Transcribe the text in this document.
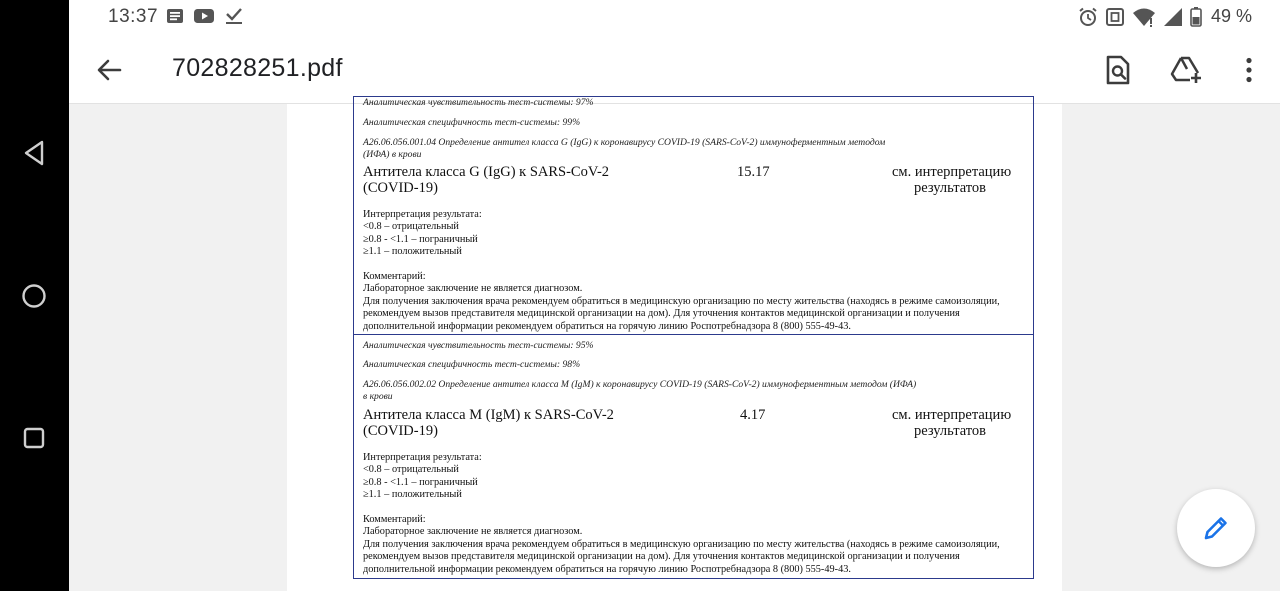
13:37	49 %
702828251.pdf
Аналитическая чувствительность тест-системы: 97%
Аналитическая специфичность тест-системы: 99%
А26.06.056.001.04 Определение антител класса G (IgG) к коронавирусу COVID-19 (SARS-CoV-2) иммуноферментным методом
(ИФА) в крови
Антитела класса G (IgG) к SARS-CoV-2
(COVID-19)
15.17	см. интерпретацию
результатов
Интерпретация результата:
<0.8 – отрицательный
≥0.8 - <1.1 – пограничный
≥1.1 – положительный
Комментарий:
Лабораторное заключение не является диагнозом.
Для получения заключения врача рекомендуем обратиться в медицинскую организацию по месту жительства (находясь в режиме самоизоляции,
рекомендуем вызов представителя медицинской организации на дом). Для уточнения контактов медицинской организации и получения
дополнительной информации рекомендуем обратиться на горячую линию Роспотребнадзора 8 (800) 555-49-43.
Аналитическая чувствительность тест-системы: 95%
Аналитическая специфичность тест-системы: 98%
А26.06.056.002.02 Определение антител класса M (IgM) к коронавирусу COVID-19 (SARS-CoV-2) иммуноферментным методом (ИФА)
в крови
Антитела класса M (IgM) к SARS-CoV-2
(COVID-19)
4.17	см. интерпретацию
результатов
Интерпретация результата:
<0.8 – отрицательный
≥0.8 - <1.1 – пограничный
≥1.1 – положительный
Комментарий:
Лабораторное заключение не является диагнозом.
Для получения заключения врача рекомендуем обратиться в медицинскую организацию по месту жительства (находясь в режиме самоизоляции,
рекомендуем вызов представителя медицинской организации на дом). Для уточнения контактов медицинской организации и получения
дополнительной информации рекомендуем обратиться на горячую линию Роспотребнадзора 8 (800) 555-49-43.
